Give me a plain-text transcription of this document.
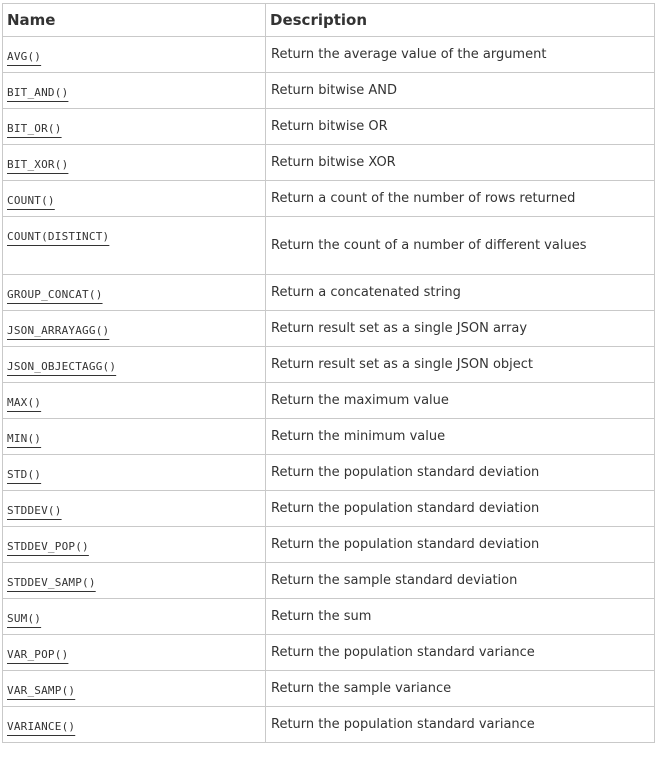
Name	Description
AVG()	Return the average value of the argument
BIT_AND()	Return bitwise AND
BIT_OR()	Return bitwise OR
BIT_XOR()	Return bitwise XOR
COUNT()	Return a count of the number of rows returned
COUNT(DISTINCT)	Return the count of a number of different values
GROUP_CONCAT()	Return a concatenated string
JSON_ARRAYAGG()	Return result set as a single JSON array
JSON_OBJECTAGG()	Return result set as a single JSON object
MAX()	Return the maximum value
MIN()	Return the minimum value
STD()	Return the population standard deviation
STDDEV()	Return the population standard deviation
STDDEV_POP()	Return the population standard deviation
STDDEV_SAMP()	Return the sample standard deviation
SUM()	Return the sum
VAR_POP()	Return the population standard variance
VAR_SAMP()	Return the sample variance
VARIANCE()	Return the population standard variance
